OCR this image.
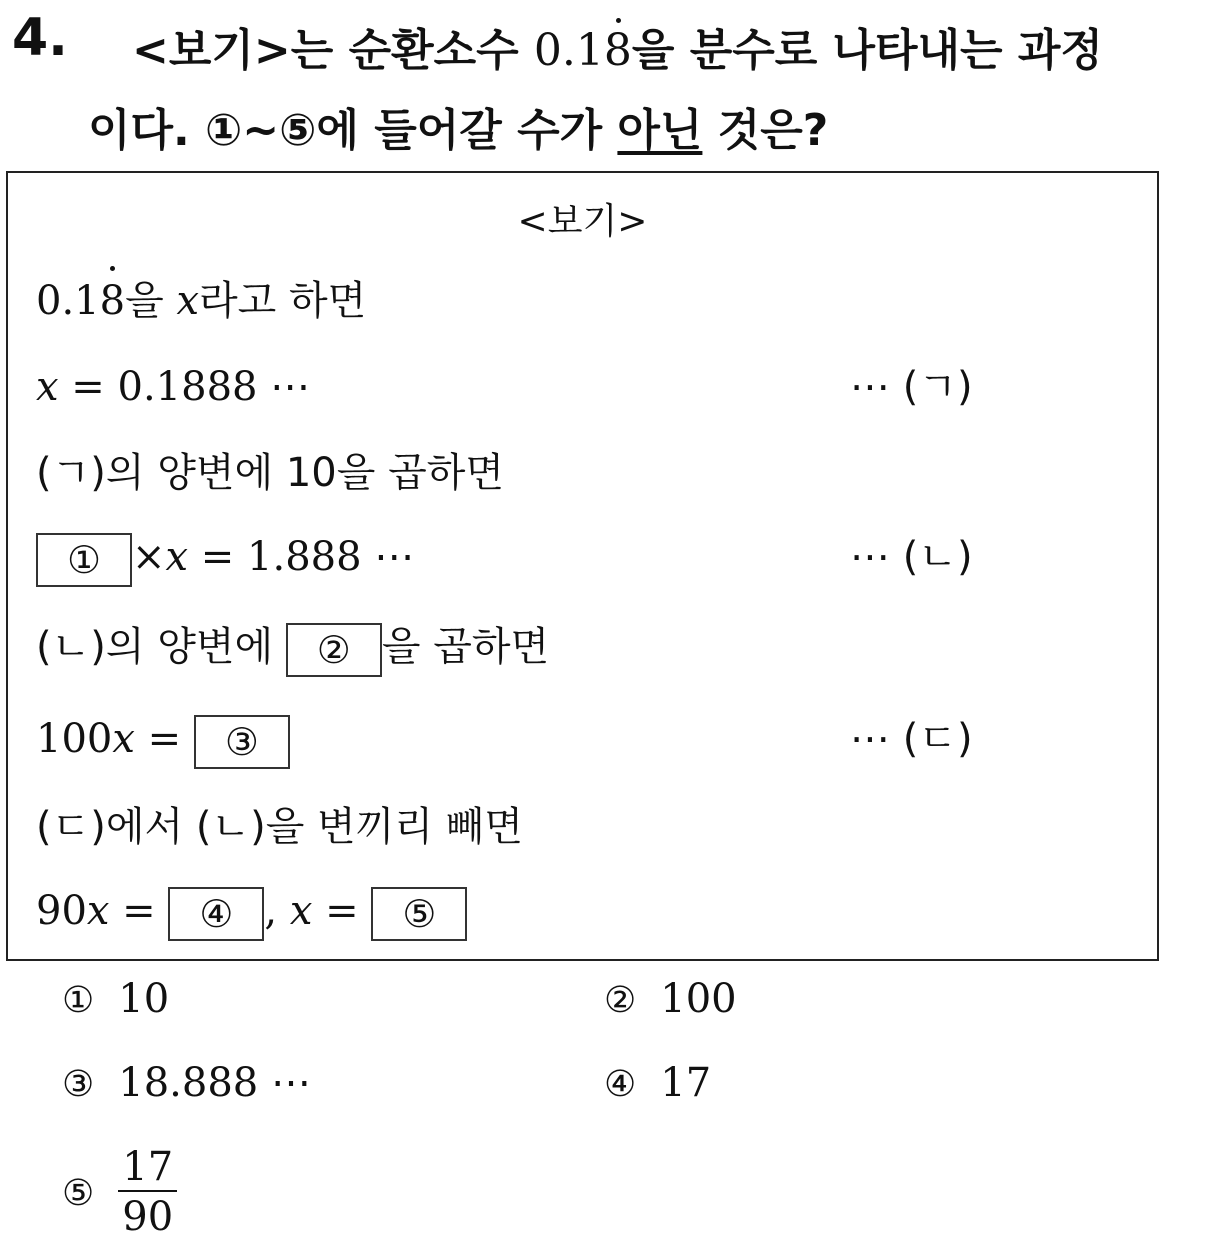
4. <보기>는 순환소수 0.18을 분수로 나타내는 과정
이다. ①~⑤에 들어갈 수가 아닌 것은?
<보기>
0.18을 x라고 하면
x = 0.1888 ⋯	⋯ (ㄱ)
(ㄱ)의 양변에 10을 곱하면
① ×x = 1.888 ⋯	⋯ (ㄴ)
(ㄴ)의 양변에 ② 을 곱하면
100x = ③	⋯ (ㄷ)
(ㄷ)에서 (ㄴ)을 변끼리 빼면
90x = ④ , x = ⑤
① 10	② 100
③ 18.888 ⋯	④ 17
⑤ $\frac{17}{90}$
